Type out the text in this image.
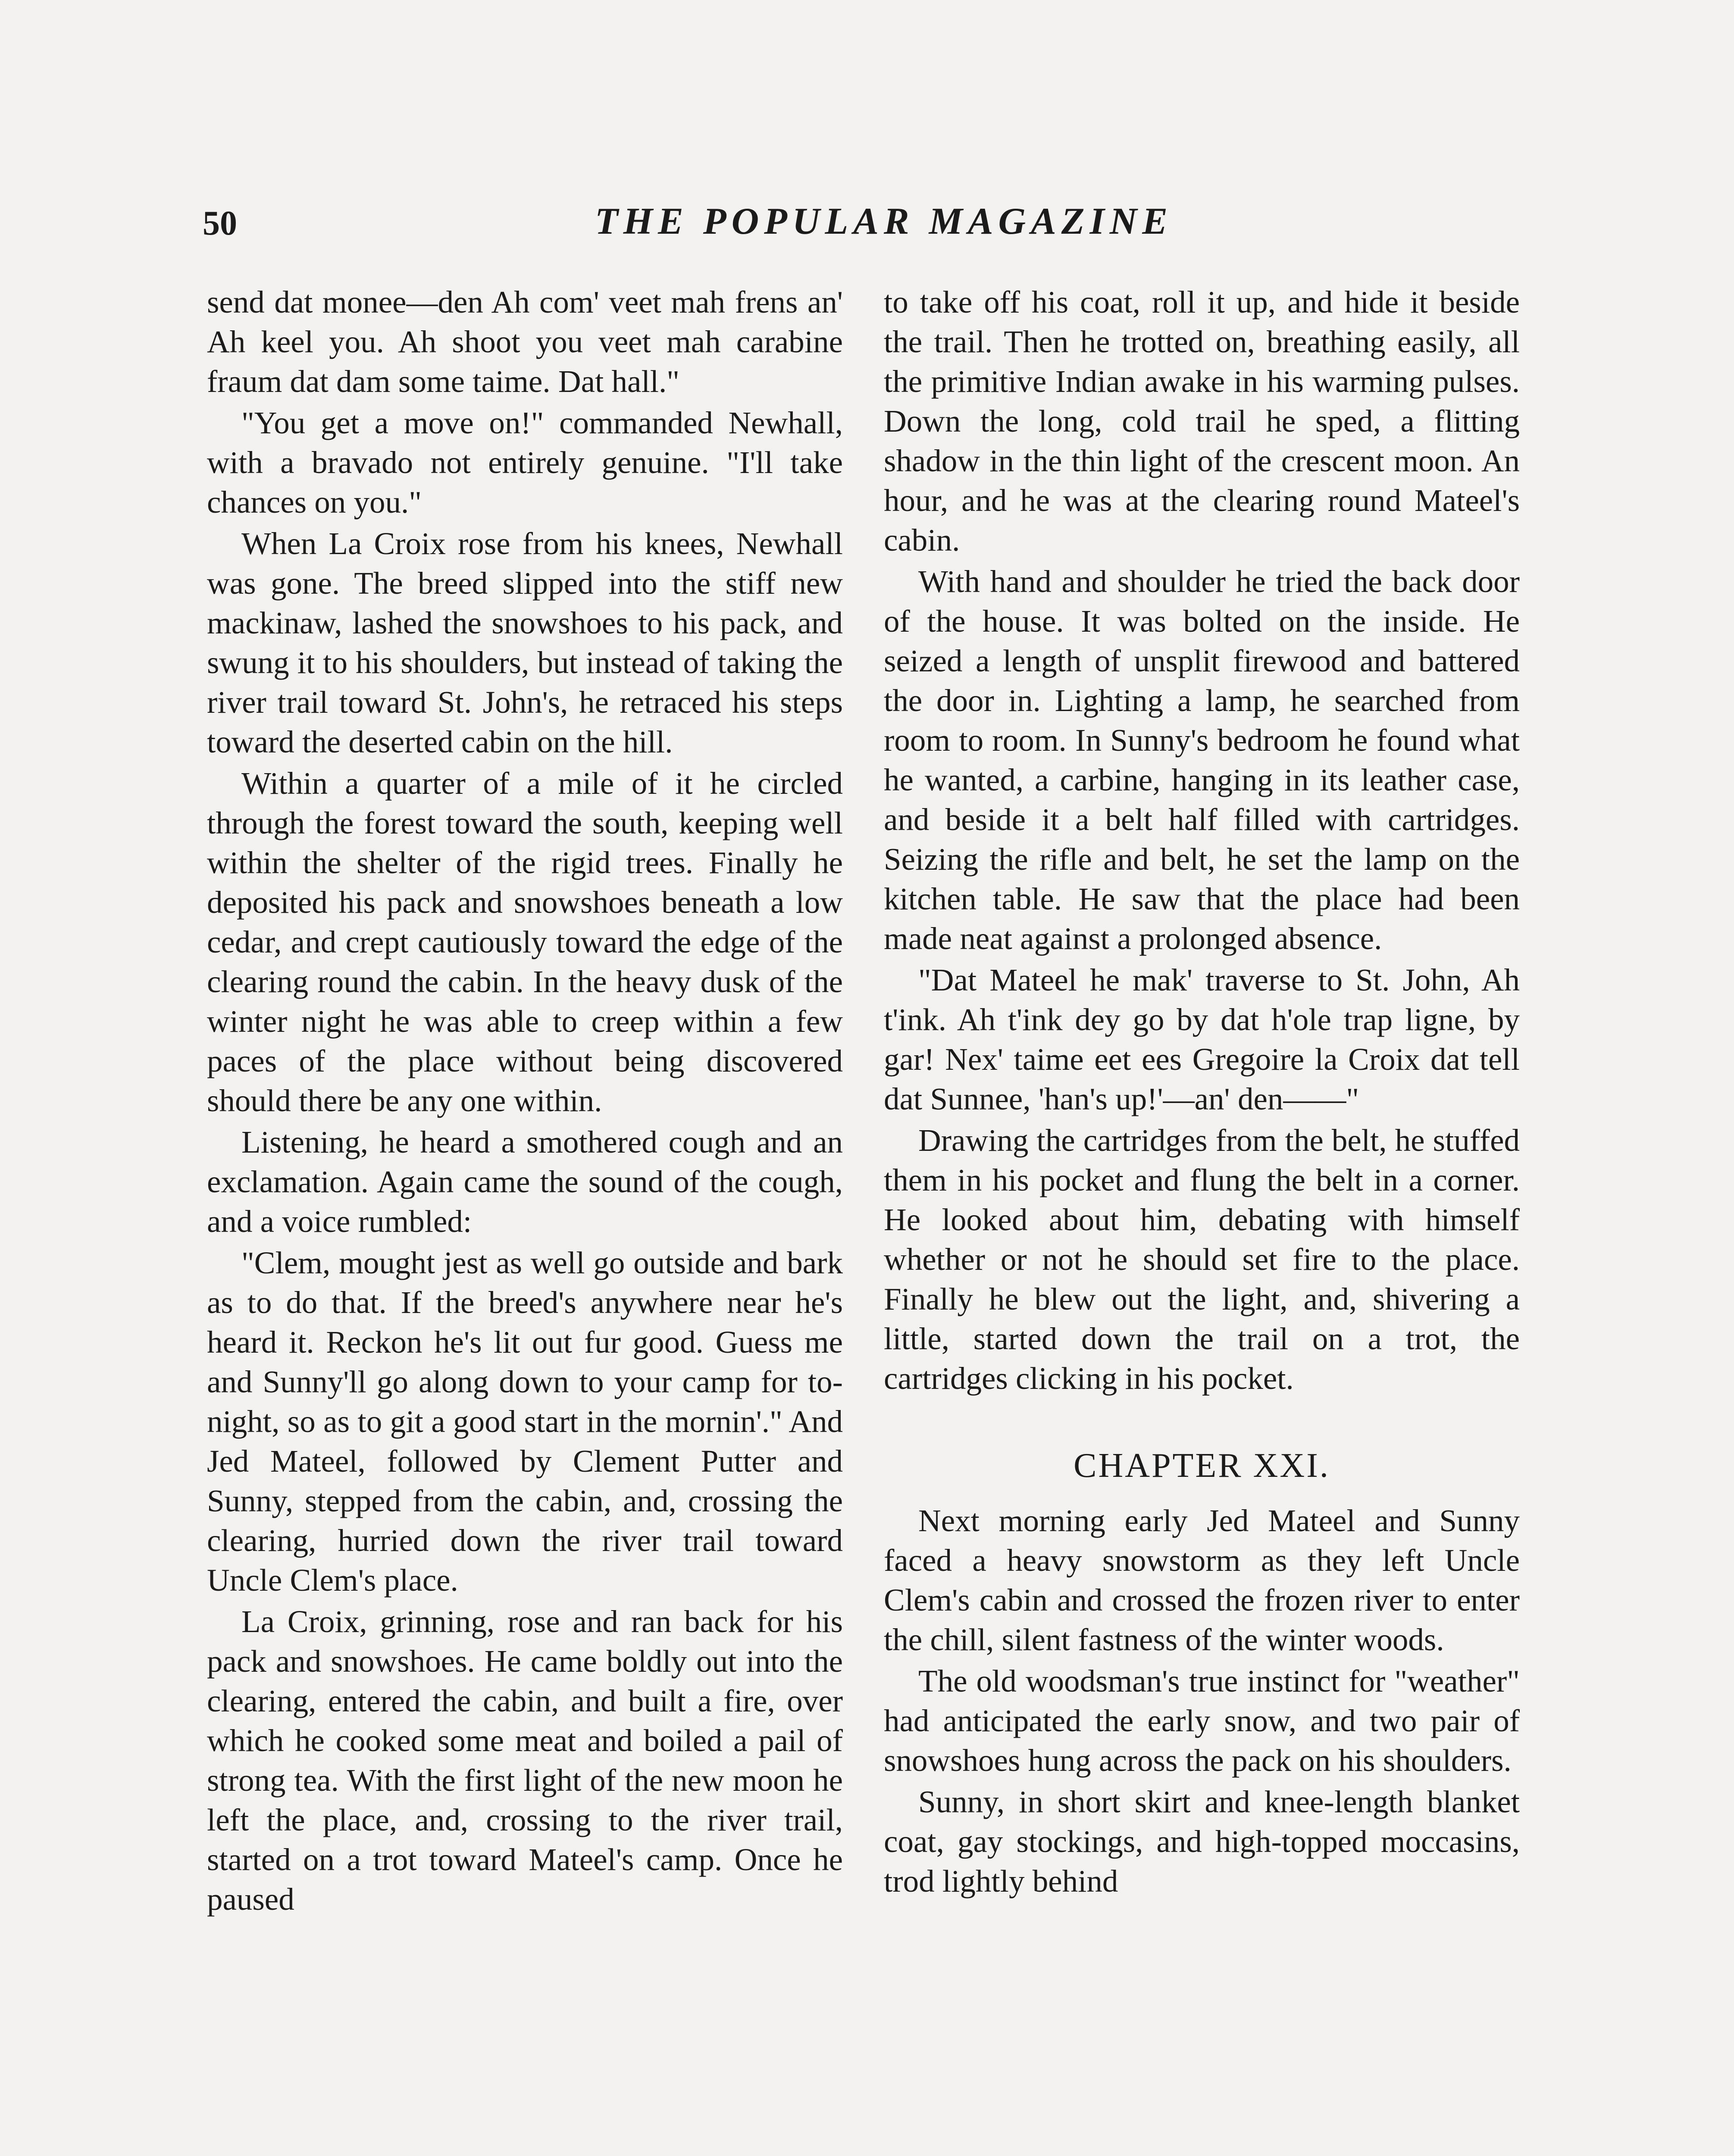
50	THE POPULAR MAGAZINE

send dat monee—den Ah com' veet mah frens an' Ah keel you. Ah shoot you veet mah carabine fraum dat dam some taime. Dat hall."

"You get a move on!" commanded Newhall, with a bravado not entirely genuine. "I'll take chances on you."

When La Croix rose from his knees, Newhall was gone. The breed slipped into the stiff new mackinaw, lashed the snowshoes to his pack, and swung it to his shoulders, but instead of taking the river trail toward St. John's, he retraced his steps toward the deserted cabin on the hill.

Within a quarter of a mile of it he circled through the forest toward the south, keeping well within the shelter of the rigid trees. Finally he deposited his pack and snowshoes beneath a low cedar, and crept cautiously toward the edge of the clearing round the cabin. In the heavy dusk of the winter night he was able to creep within a few paces of the place without being discovered should there be any one within.

Listening, he heard a smothered cough and an exclamation. Again came the sound of the cough, and a voice rumbled:

"Clem, mought jest as well go outside and bark as to do that. If the breed's anywhere near he's heard it. Reckon he's lit out fur good. Guess me and Sunny'll go along down to your camp for to-night, so as to git a good start in the mornin'." And Jed Mateel, followed by Clement Putter and Sunny, stepped from the cabin, and, crossing the clearing, hurried down the river trail toward Uncle Clem's place.

La Croix, grinning, rose and ran back for his pack and snowshoes. He came boldly out into the clearing, entered the cabin, and built a fire, over which he cooked some meat and boiled a pail of strong tea. With the first light of the new moon he left the place, and, crossing to the river trail, started on a trot toward Mateel's camp. Once he paused

to take off his coat, roll it up, and hide it beside the trail. Then he trotted on, breathing easily, all the primitive Indian awake in his warming pulses. Down the long, cold trail he sped, a flitting shadow in the thin light of the crescent moon. An hour, and he was at the clearing round Mateel's cabin.

With hand and shoulder he tried the back door of the house. It was bolted on the inside. He seized a length of unsplit firewood and battered the door in. Lighting a lamp, he searched from room to room. In Sunny's bedroom he found what he wanted, a carbine, hanging in its leather case, and beside it a belt half filled with cartridges. Seizing the rifle and belt, he set the lamp on the kitchen table. He saw that the place had been made neat against a prolonged absence.

"Dat Mateel he mak' traverse to St. John, Ah t'ink. Ah t'ink dey go by dat h'ole trap ligne, by gar! Nex' taime eet ees Gregoire la Croix dat tell dat Sunnee, 'han's up!'—an' den——"

Drawing the cartridges from the belt, he stuffed them in his pocket and flung the belt in a corner. He looked about him, debating with himself whether or not he should set fire to the place. Finally he blew out the light, and, shivering a little, started down the trail on a trot, the cartridges clicking in his pocket.

CHAPTER XXI.

Next morning early Jed Mateel and Sunny faced a heavy snowstorm as they left Uncle Clem's cabin and crossed the frozen river to enter the chill, silent fastness of the winter woods.

The old woodsman's true instinct for "weather" had anticipated the early snow, and two pair of snowshoes hung across the pack on his shoulders.

Sunny, in short skirt and knee-length blanket coat, gay stockings, and high-topped moccasins, trod lightly behind
